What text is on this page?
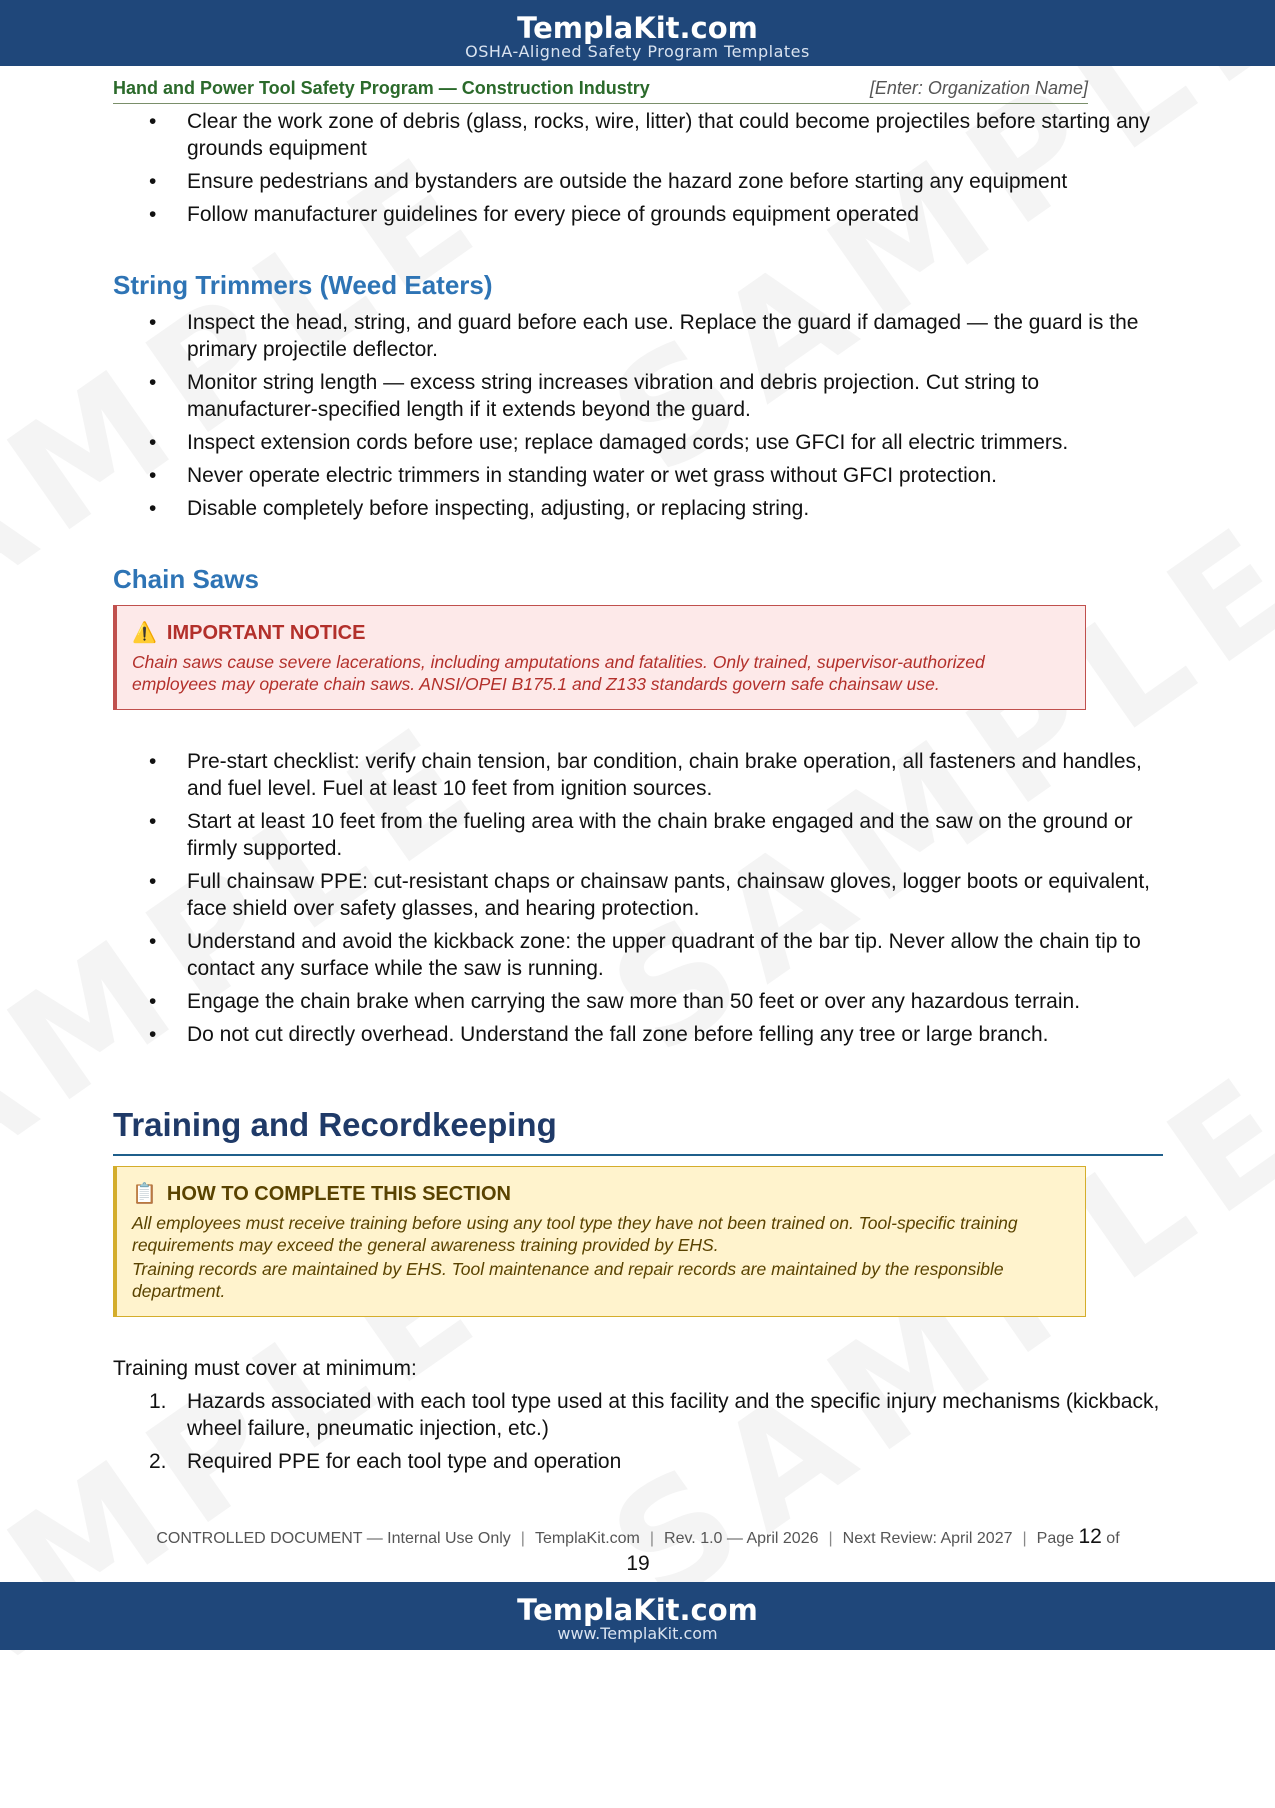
TemplaKit.com
OSHA-Aligned Safety Program Templates
Hand and Power Tool Safety Program — Construction Industry	[Enter: Organization Name]
• Clear the work zone of debris (glass, rocks, wire, litter) that could become projectiles before starting any grounds equipment
• Ensure pedestrians and bystanders are outside the hazard zone before starting any equipment
• Follow manufacturer guidelines for every piece of grounds equipment operated
String Trimmers (Weed Eaters)
• Inspect the head, string, and guard before each use. Replace the guard if damaged — the guard is the primary projectile deflector.
• Monitor string length — excess string increases vibration and debris projection. Cut string to manufacturer-specified length if it extends beyond the guard.
• Inspect extension cords before use; replace damaged cords; use GFCI for all electric trimmers.
• Never operate electric trimmers in standing water or wet grass without GFCI protection.
• Disable completely before inspecting, adjusting, or replacing string.
Chain Saws
⚠️ IMPORTANT NOTICE
Chain saws cause severe lacerations, including amputations and fatalities. Only trained, supervisor-authorized employees may operate chain saws. ANSI/OPEI B175.1 and Z133 standards govern safe chainsaw use.
• Pre-start checklist: verify chain tension, bar condition, chain brake operation, all fasteners and handles, and fuel level. Fuel at least 10 feet from ignition sources.
• Start at least 10 feet from the fueling area with the chain brake engaged and the saw on the ground or firmly supported.
• Full chainsaw PPE: cut-resistant chaps or chainsaw pants, chainsaw gloves, logger boots or equivalent, face shield over safety glasses, and hearing protection.
• Understand and avoid the kickback zone: the upper quadrant of the bar tip. Never allow the chain tip to contact any surface while the saw is running.
• Engage the chain brake when carrying the saw more than 50 feet or over any hazardous terrain.
• Do not cut directly overhead. Understand the fall zone before felling any tree or large branch.
Training and Recordkeeping
📋 HOW TO COMPLETE THIS SECTION
All employees must receive training before using any tool type they have not been trained on. Tool-specific training requirements may exceed the general awareness training provided by EHS.
Training records are maintained by EHS. Tool maintenance and repair records are maintained by the responsible department.
Training must cover at minimum:
1. Hazards associated with each tool type used at this facility and the specific injury mechanisms (kickback, wheel failure, pneumatic injection, etc.)
2. Required PPE for each tool type and operation
CONTROLLED DOCUMENT — Internal Use Only | TemplaKit.com | Rev. 1.0 — April 2026 | Next Review: April 2027 | Page 12 of
19
TemplaKit.com
www.TemplaKit.com
